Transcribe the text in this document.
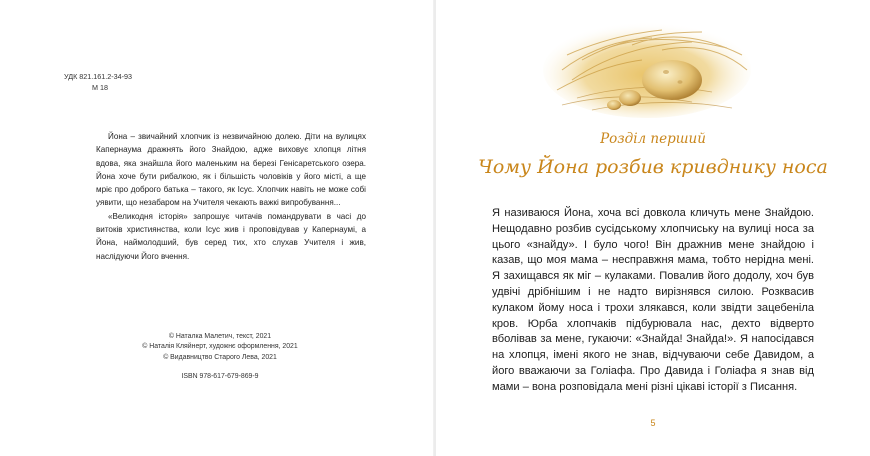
УДК 821.161.2-34-93
М 18

Йона – звичайний хлопчик із незвичайною долею. Діти на вулицях Капернаума дражнять його Знайдою, адже виховує хлопця літня вдова, яка знайшла його маленьким на березі Генісаретського озера. Йона хоче бути рибалкою, як і більшість чоловіків у його місті, а ще мріє про доброго батька – такого, як Ісус. Хлопчик навіть не може собі уявити, що незабаром на Учителя чекають важкі випробування...

«Великодня історія» запрошує читачів помандрувати в часі до витоків християнства, коли Ісус жив і проповідував у Капернаумі, а Йона, наймолодший, був серед тих, хто слухав Учителя і жив, наслідуючи Його вчення.

© Наталка Малетич, текст, 2021
© Наталія Кляйнерт, художнє оформлення, 2021
© Видавництво Старого Лева, 2021
ISBN 978-617-679-869-9
Розділ перший
Чому Йона розбив кривднику носа

Я називаюся Йона, хоча всі довкола кличуть мене Знайдою. Нещодавно розбив сусідському хлопчиську на вулиці носа за цього «знайду». І було чого! Він дражнив мене знайдою і казав, що моя мама – несправжня мама, тобто нерідна мені. Я захищався як міг – кулаками. Повалив його додолу, хоч був удвічі дрібнішим і не надто вирізнявся силою. Розквасив кулаком йому носа і трохи злякався, коли звідти зацебеніла кров. Юрба хлопчаків підбурювала нас, дехто відверто вболівав за мене, гукаючи: «Знайда! Знайда!». Я напосідався на хлопця, імені якого не знав, відчуваючи себе Давидом, а його вважаючи за Голіафа. Про Давида і Голіафа я знав від мами – вона розповідала мені різні цікаві історії з Писання.

5
